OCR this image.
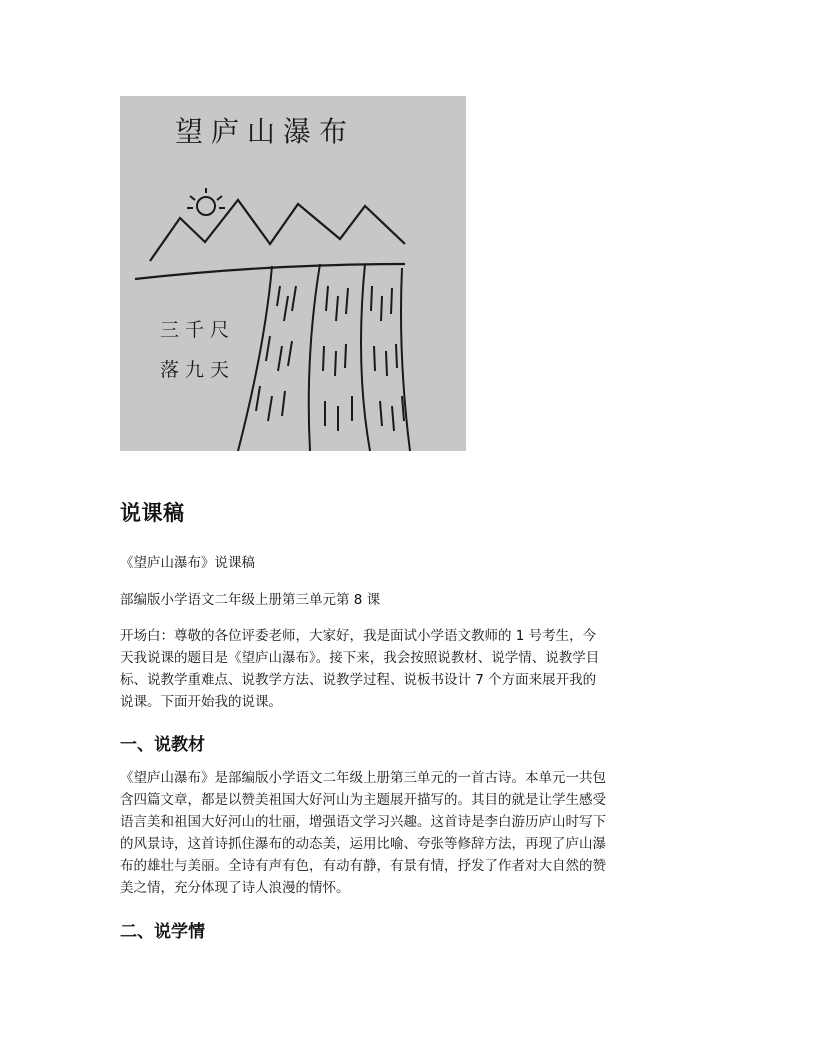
望庐山瀑布
三千尺
落九天
说课稿
《望庐山瀑布》说课稿
部编版小学语文二年级上册第三单元第 8 课
开场白：尊敬的各位评委老师，大家好，我是面试小学语文教师的 1 号考生，今
天我说课的题目是《望庐山瀑布》。接下来，我会按照说教材、说学情、说教学目
标、说教学重难点、说教学方法、说教学过程、说板书设计 7 个方面来展开我的
说课。下面开始我的说课。
一、说教材
《望庐山瀑布》是部编版小学语文二年级上册第三单元的一首古诗。本单元一共包
含四篇文章，都是以赞美祖国大好河山为主题展开描写的。其目的就是让学生感受
语言美和祖国大好河山的壮丽，增强语文学习兴趣。这首诗是李白游历庐山时写下
的风景诗，这首诗抓住瀑布的动态美，运用比喻、夸张等修辞方法，再现了庐山瀑
布的雄壮与美丽。全诗有声有色，有动有静，有景有情，抒发了作者对大自然的赞
美之情，充分体现了诗人浪漫的情怀。
二、说学情
